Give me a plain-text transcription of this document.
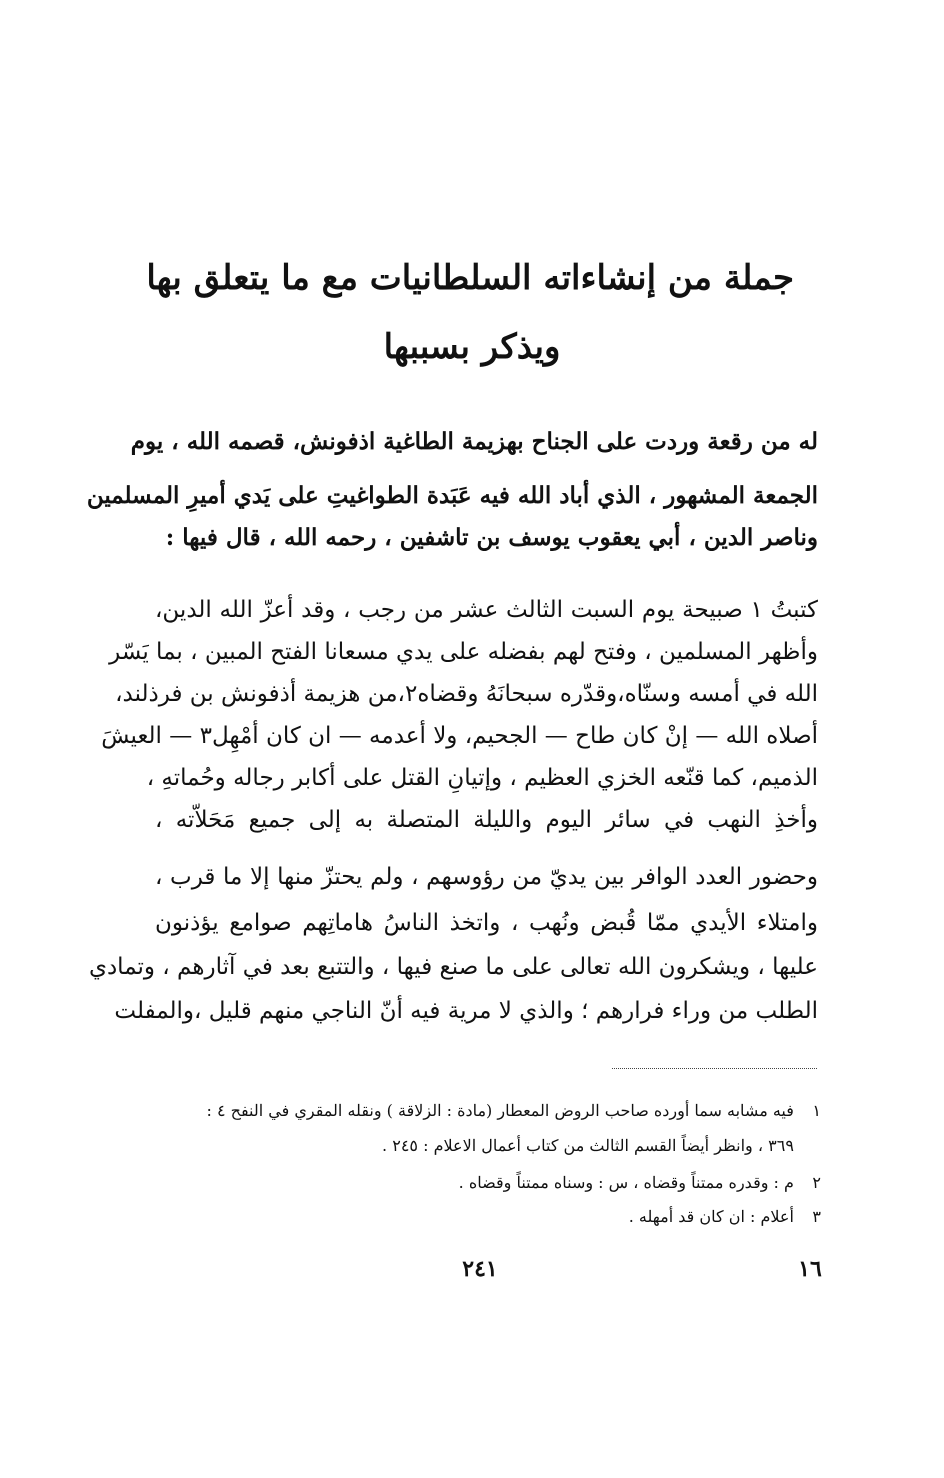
جملة من إنشاءاته السلطانيات مع ما يتعلق بها
ويذكر بسببها
له من رقعة وردت على الجناح بهزيمة الطاغية اذفونش، قصمه الله ، يوم
الجمعة المشهور ، الذي أباد الله فيه عَبَدة الطواغيتِ على يَدي أميرِ المسلمين
وناصر الدين ، أبي يعقوب يوسف بن تاشفين ، رحمه الله ، قال فيها :
كتبتُ ١ صبيحة يوم السبت الثالث عشر من رجب ، وقد أعزّ الله الدين،
وأظهر المسلمين ، وفتح لهم بفضله على يدي مسعانا الفتح المبين ، بما يَسّر
الله في أمسه وسنّاه،وقدّره سبحانَهُ وقضاه٢،من هزيمة أذفونش بن فرذلند،
أصلاه الله — إنْ كان طاح — الجحيم، ولا أعدمه — ان كان أمْهِل٣ — العيشَ
الذميم، كما قنّعه الخزي العظيم ، وإتيانِ القتل على أكابر رجاله وحُماتهِ ،
وأخذِ النهب في سائر اليوم والليلة المتصلة به إلى جميع مَحَلاّته ،
وحضور العدد الوافر بين يديّ من رؤوسهم ، ولم يحتزّ منها إلا ما قرب ،
وامتلاء الأيدي ممّا قُبض ونُهب ، واتخذ الناسُ هاماتِهم صوامع يؤذنون
عليها ، ويشكرون الله تعالى على ما صنع فيها ، والتتبع بعد في آثارهم ، وتمادي
الطلب من وراء فرارهم ؛ والذي لا مرية فيه أنّ الناجي منهم قليل ،والمفلت
١ فيه مشابه سما أورده صاحب الروض المعطار (مادة : الزلاقة ) ونقله المقري في النفح ٤ :
٣٦٩ ، وانظر أيضاً القسم الثالث من كتاب أعمال الاعلام : ٢٤٥ .
٢ م : وقدره ممتناً وقضاه ، س : وسناه ممتناً وقضاه .
٣ أعلام : ان كان قد أمهله .
٢٤١	١٦
